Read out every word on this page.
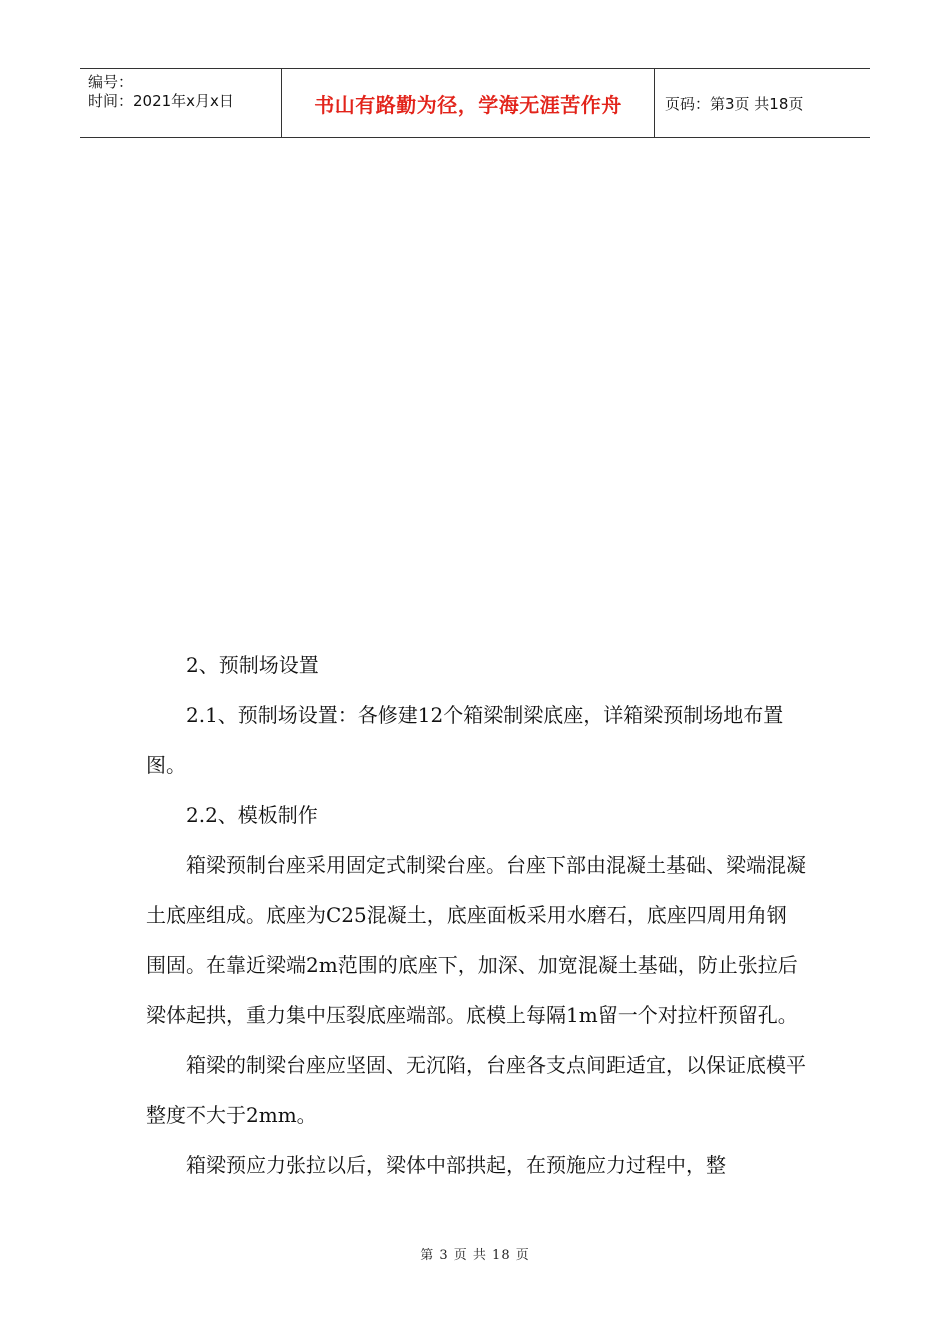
编号：
时间：2021年x月x日	书山有路勤为径，学海无涯苦作舟	页码：第3页 共18页

2、预制场设置

2.1、预制场设置：各修建12个箱梁制梁底座，详箱梁预制场地布置图。

2.2、模板制作

箱梁预制台座采用固定式制梁台座。台座下部由混凝土基础、梁端混凝土底座组成。底座为C25混凝土，底座面板采用水磨石，底座四周用角钢围固。在靠近梁端2m范围的底座下，加深、加宽混凝土基础，防止张拉后梁体起拱，重力集中压裂底座端部。底模上每隔1m留一个对拉杆预留孔。

箱梁的制梁台座应坚固、无沉陷，台座各支点间距适宜，以保证底模平整度不大于2mm。

箱梁预应力张拉以后，梁体中部拱起，在预施应力过程中，整

第 3 页 共 18 页
